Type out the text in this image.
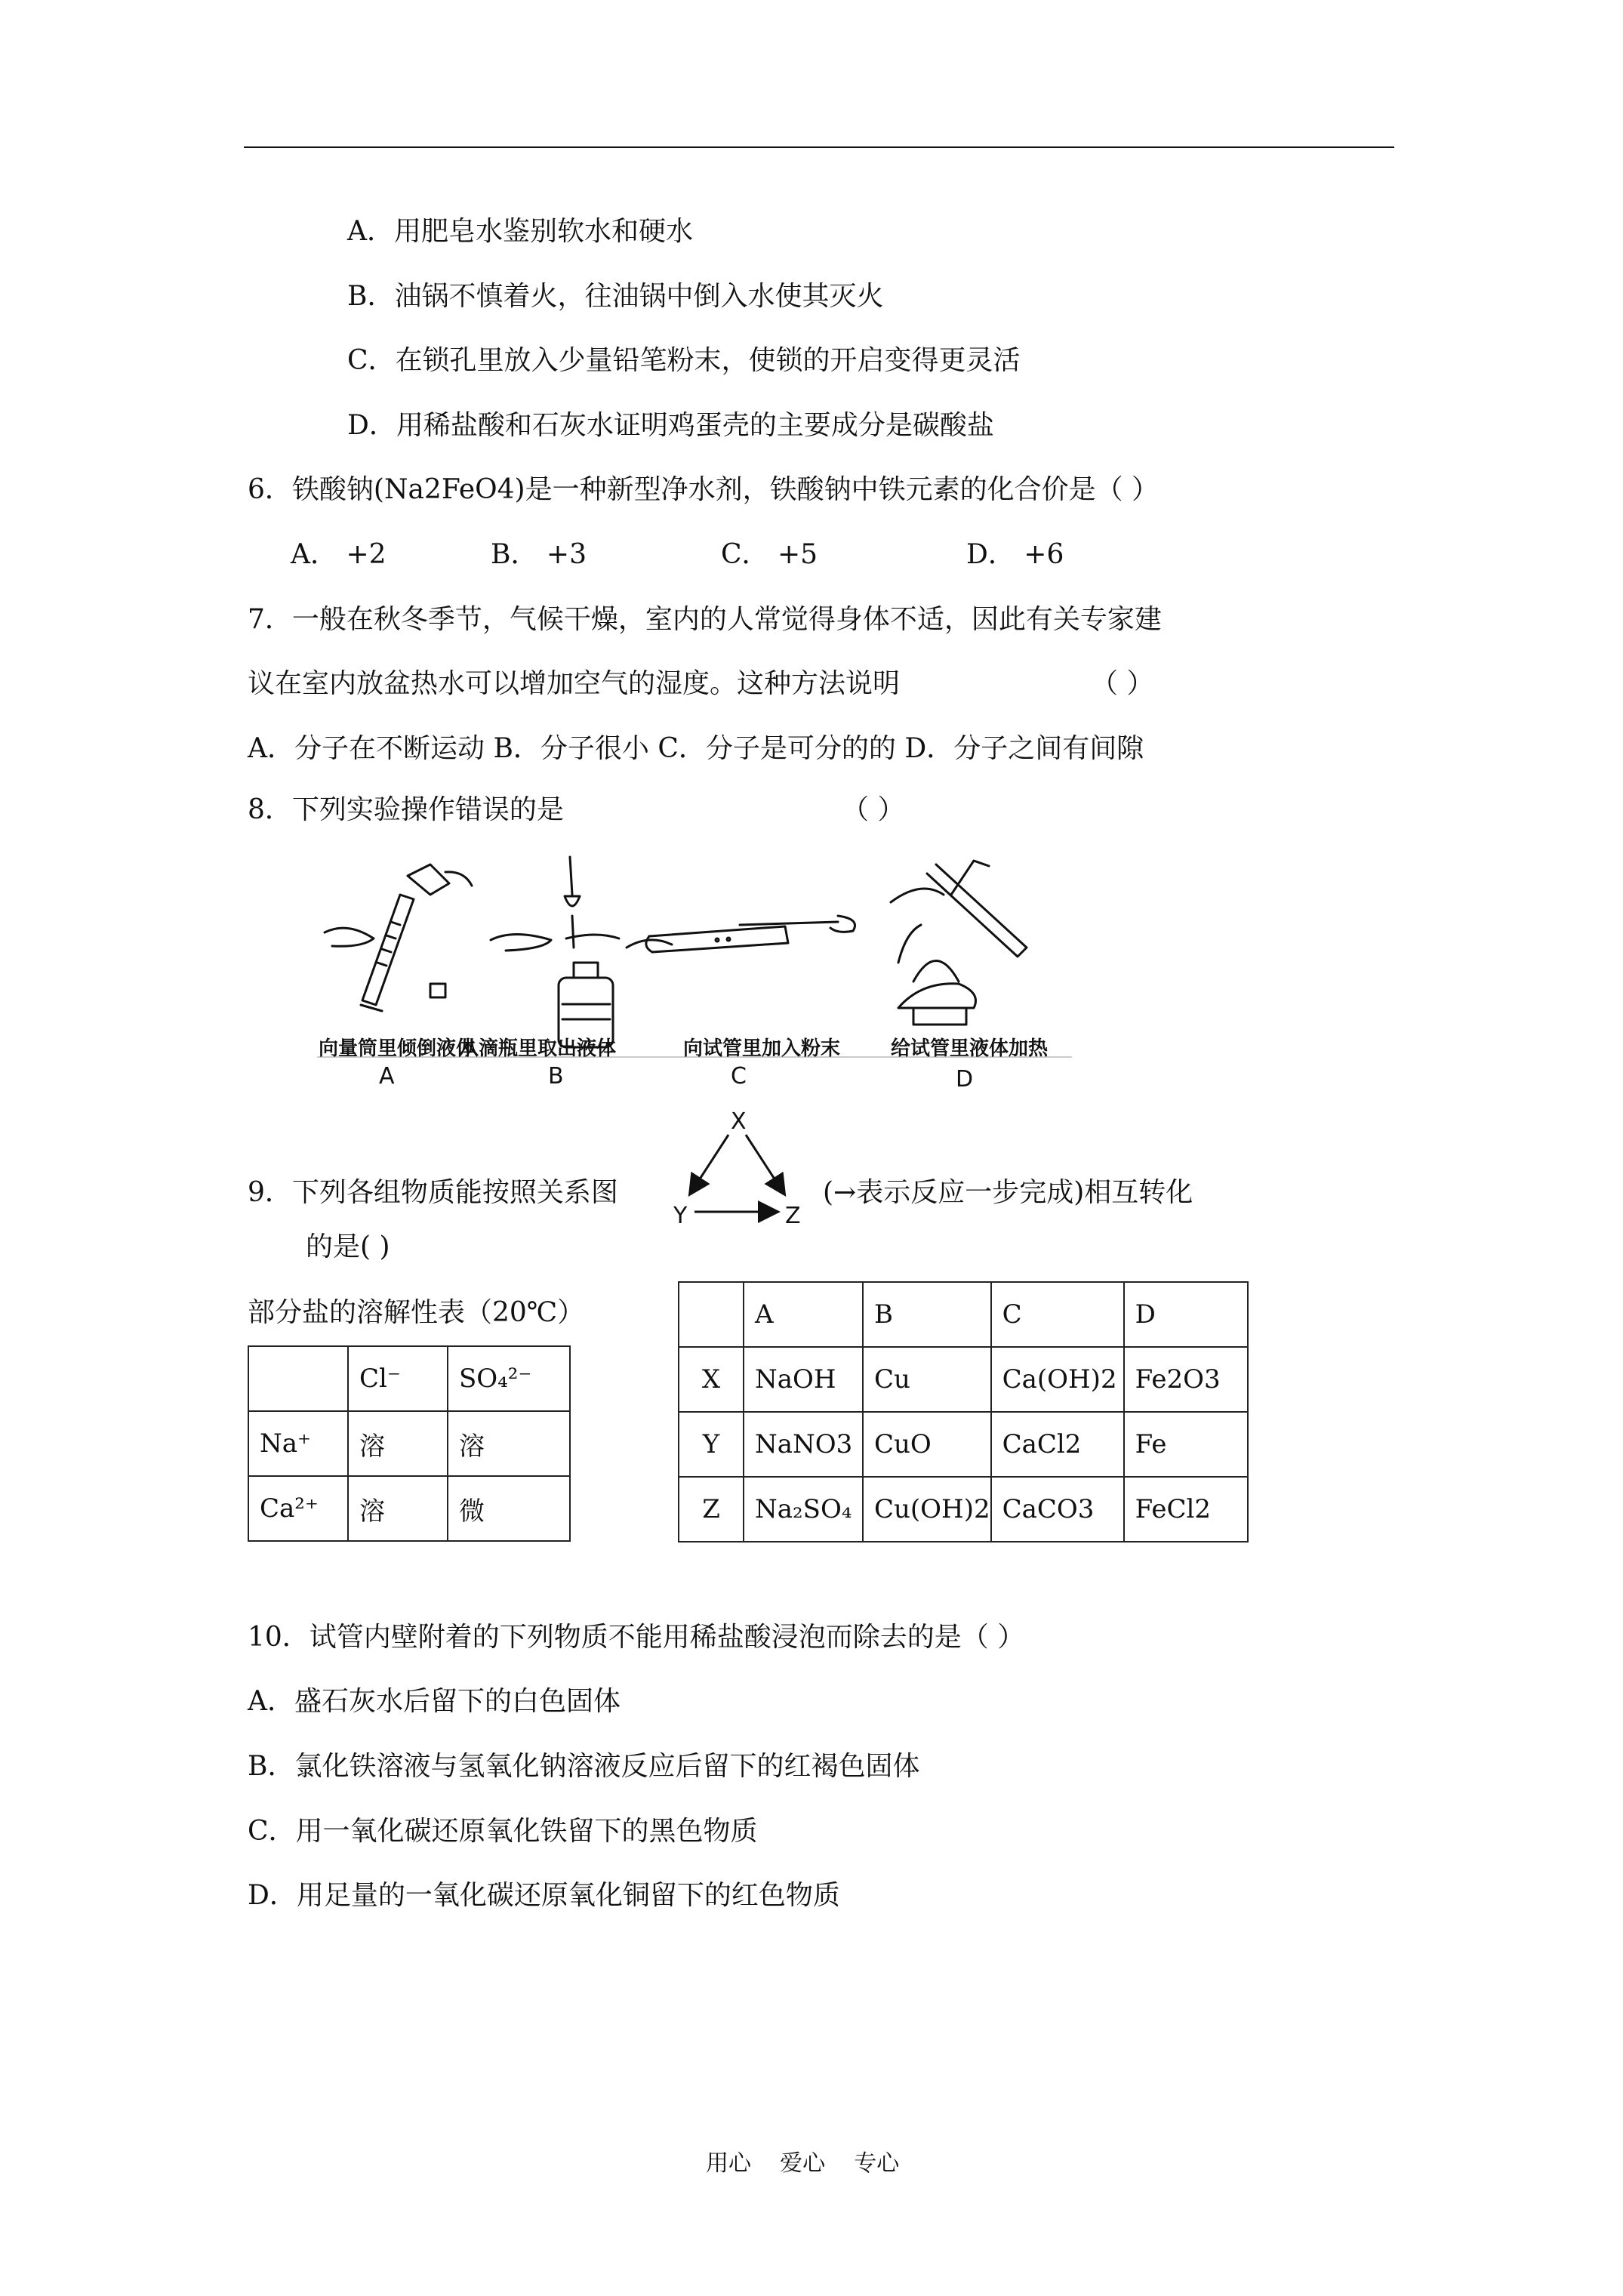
A．用肥皂水鉴别软水和硬水
B．油锅不慎着火，往油锅中倒入水使其灭火
C．在锁孔里放入少量铅笔粉末，使锁的开启变得更灵活
D．用稀盐酸和石灰水证明鸡蛋壳的主要成分是碳酸盐
6．铁酸钠(Na2FeO4)是一种新型净水剂，铁酸钠中铁元素的化合价是（ ）
A． +2	B． +3	C． +5	D． +6
7．一般在秋冬季节，气候干燥，室内的人常觉得身体不适，因此有关专家建
议在室内放盆热水可以增加空气的湿度。这种方法说明	（ ）
A．分子在不断运动 B．分子很小 C．分子是可分的的 D．分子之间有间隙
8．下列实验操作错误的是	（ ）
向量筒里倾倒液体
从滴瓶里取出液体	向试管里加入粉末	给试管里液体加热
A	B	C	D
9．下列各组物质能按照关系图
X
Y	Z
(→表示反应一步完成)相互转化
的是( )
部分盐的溶解性表（20℃）
	Cl⁻	SO₄²⁻
Na⁺	溶	溶
Ca²⁺	溶	微
	A	B	C	D
X	NaOH	Cu	Ca(OH)2	Fe2O3
Y	NaNO3	CuO	CaCl2	Fe
Z	Na₂SO₄	Cu(OH)2	CaCO3	FeCl2
10．试管内壁附着的下列物质不能用稀盐酸浸泡而除去的是（ ）
A．盛石灰水后留下的白色固体
B．氯化铁溶液与氢氧化钠溶液反应后留下的红褐色固体
C．用一氧化碳还原氧化铁留下的黑色物质
D．用足量的一氧化碳还原氧化铜留下的红色物质
用心    爱心    专心
